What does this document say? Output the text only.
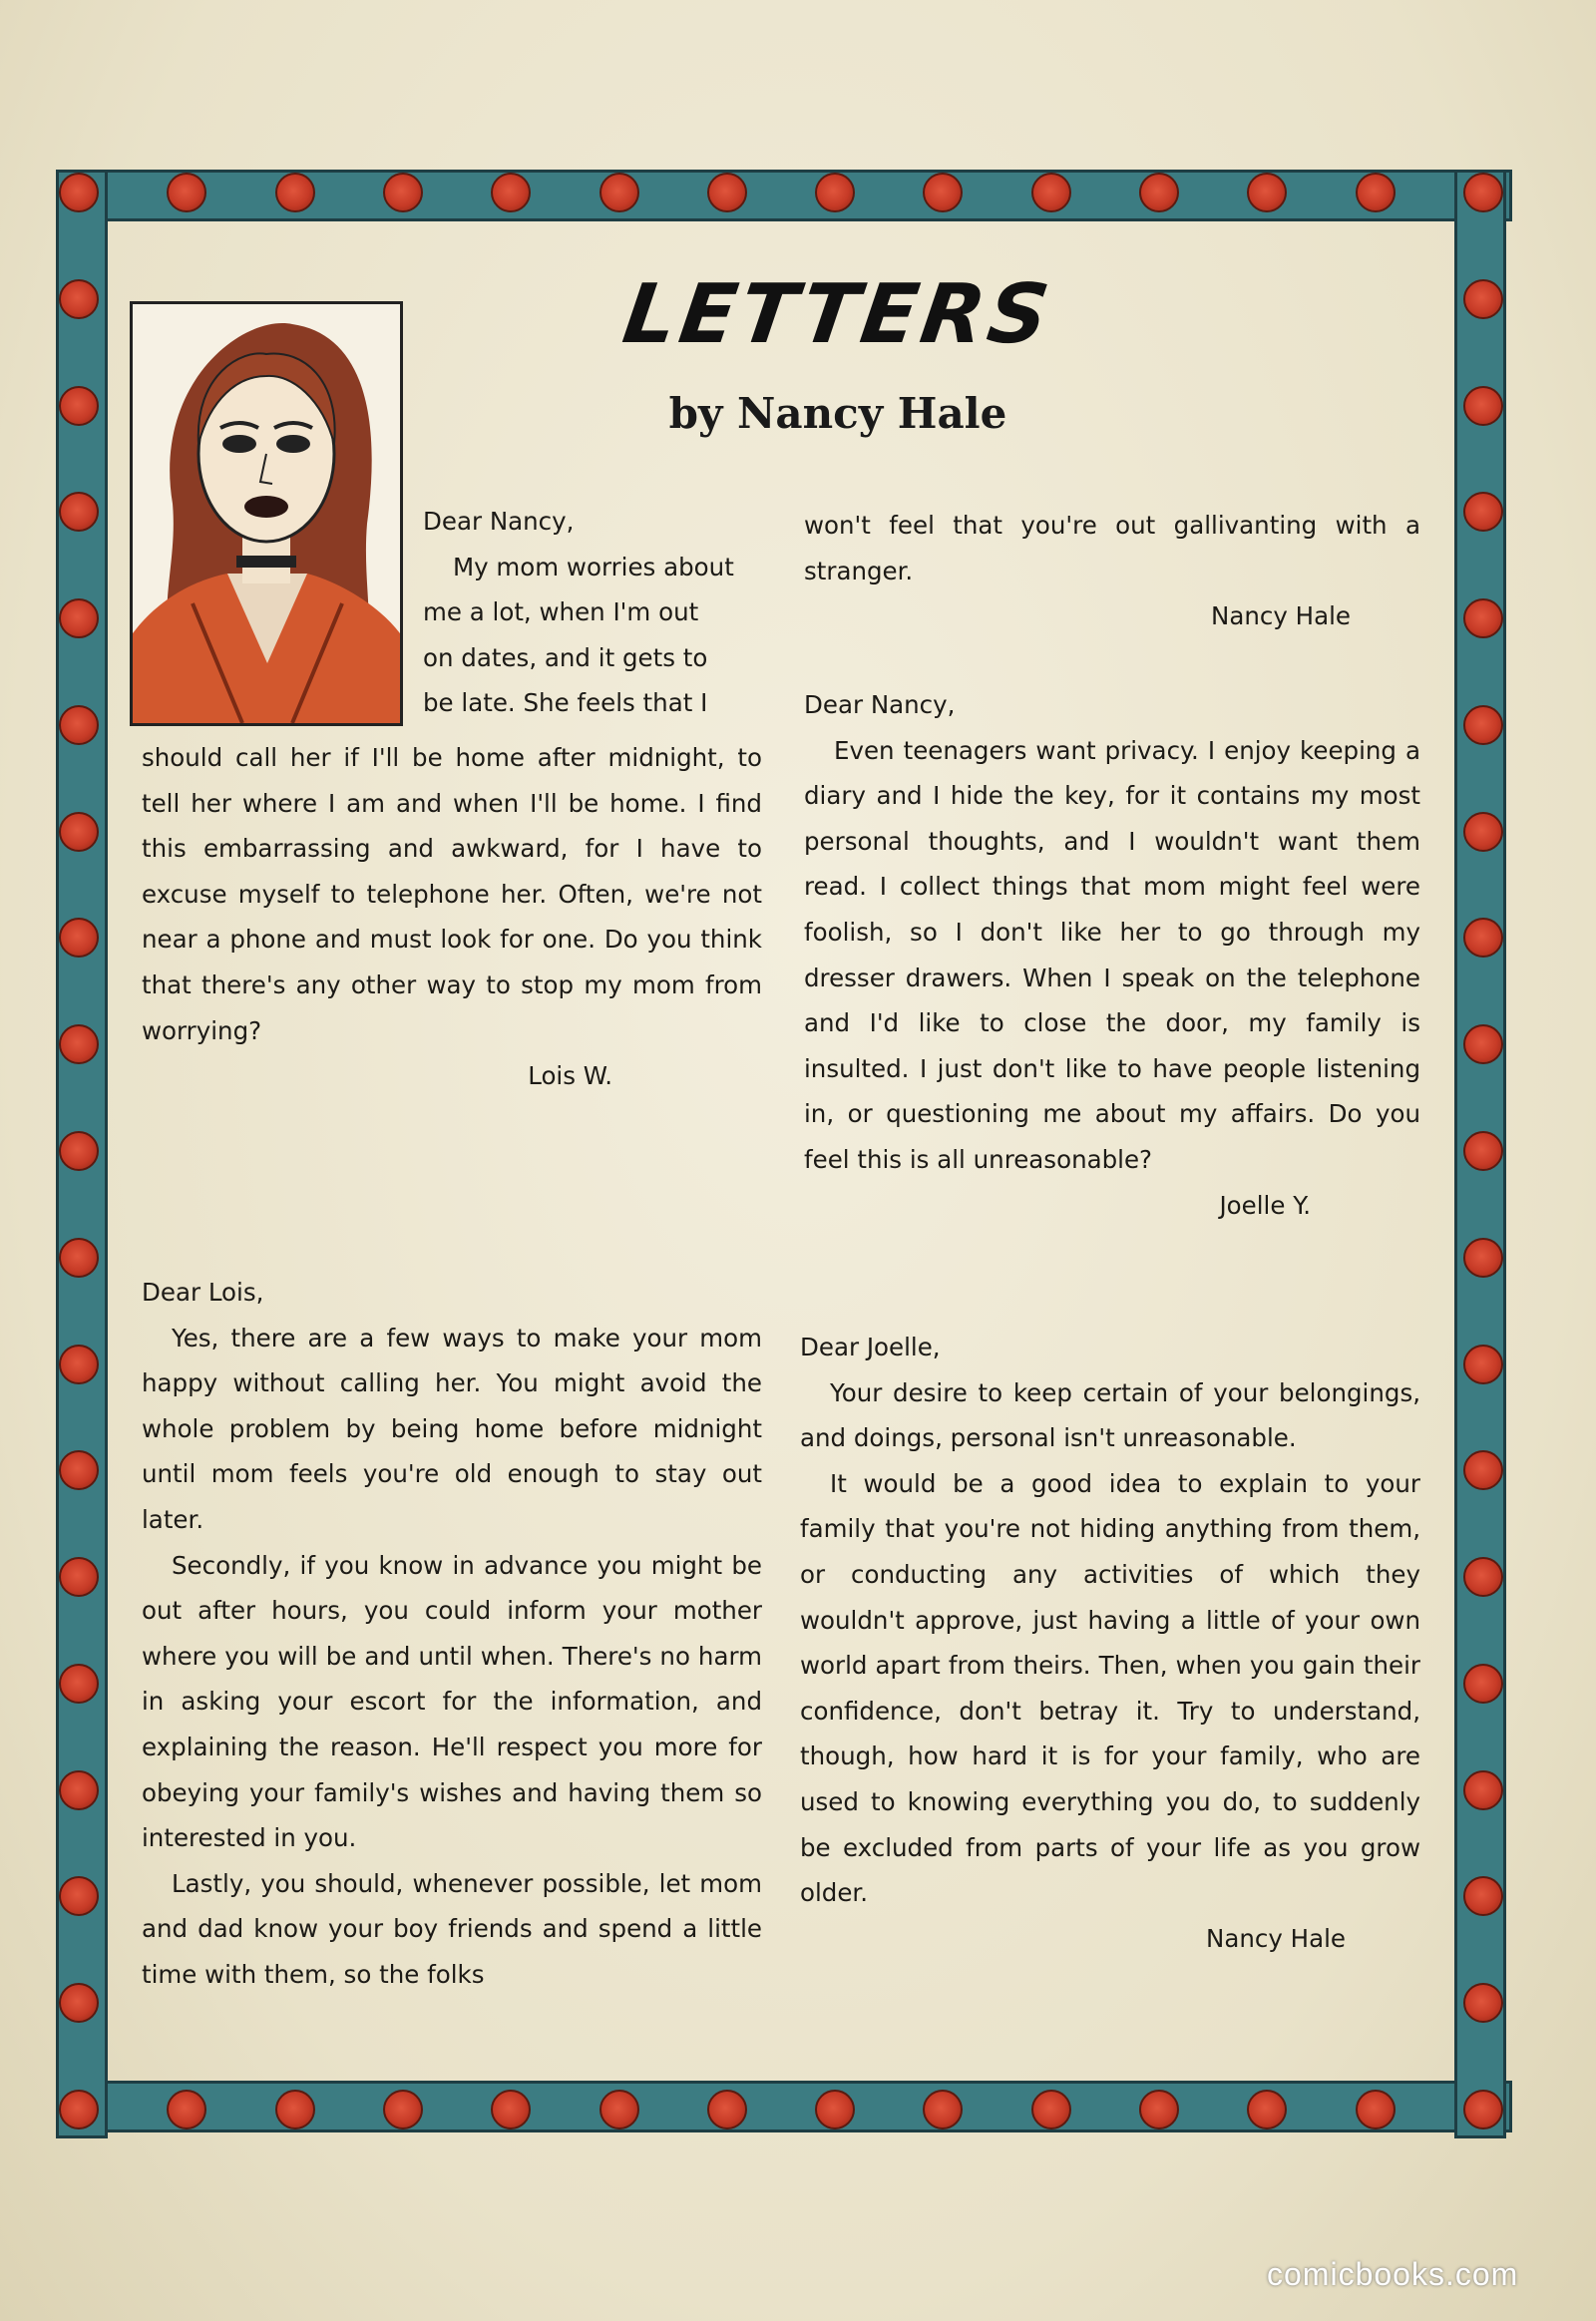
LETTERS
by Nancy Hale

Dear Nancy,

My mom worries about

me a lot, when I'm out

on dates, and it gets to

be late. She feels that I

should call her if I'll be home after midnight, to tell her where I am and when I'll be home. I find this embarrassing and awkward, for I have to excuse myself to telephone her. Often, we're not near a phone and must look for one. Do you think that there's any other way to stop my mom from worrying?

Lois W.

Dear Lois,

Yes, there are a few ways to make your mom happy without calling her. You might avoid the whole problem by being home before midnight until mom feels you're old enough to stay out later.

Secondly, if you know in advance you might be out after hours, you could inform your mother where you will be and until when. There's no harm in asking your escort for the information, and explaining the reason. He'll respect you more for obeying your family's wishes and having them so interested in you.

Lastly, you should, whenever possible, let mom and dad know your boy friends and spend a little time with them, so the folks

won't feel that you're out gallivanting with a stranger.

Nancy Hale

Dear Nancy,

Even teenagers want privacy. I enjoy keeping a diary and I hide the key, for it contains my most personal thoughts, and I wouldn't want them read. I collect things that mom might feel were foolish, so I don't like her to go through my dresser drawers. When I speak on the telephone and I'd like to close the door, my family is insulted. I just don't like to have people listening in, or questioning me about my affairs. Do you feel this is all unreasonable?

Joelle Y.

Dear Joelle,

Your desire to keep certain of your belongings, and doings, personal isn't unreasonable.

It would be a good idea to explain to your family that you're not hiding anything from them, or conducting any activities of which they wouldn't approve, just having a little of your own world apart from theirs. Then, when you gain their confidence, don't betray it. Try to understand, though, how hard it is for your family, who are used to knowing everything you do, to suddenly be excluded from parts of your life as you grow older.

Nancy Hale

comicbooks.com
